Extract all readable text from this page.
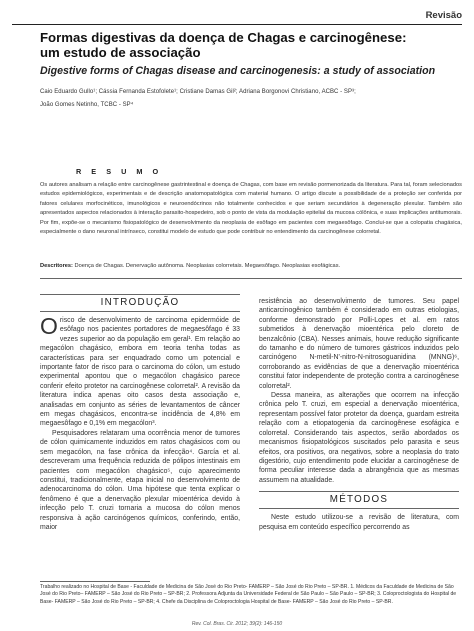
Revisão
Formas digestivas da doença de Chagas e carcinogênese:
um estudo de associação
Digestive forms of Chagas disease and carcinogenesis: a study of association
Caio Eduardo Gullo¹; Cássia Fernanda Estofolete¹; Cristiane Damas Gil²; Adriana Borgonovi Christiano, ACBC - SP³;
João Gomes Netinho, TCBC - SP⁴
R E S U M O

Os autores analisam a relação entre carcinogênese gastrintestinal e doença de Chagas, com base em revisão pormenorizada da literatura. Para tal, foram selecionados estudos epidemiológicos, experimentais e de descrição anatomopatológica com material humano. O artigo discute a possibilidade de a proteção ser conferida por fatores celulares morfocinéticos, imunológicos e neuroendócrinos não totalmente conhecidos e que seriam secundários à degeneração plexular. Também são apresentados aspectos relacionados à interação parasito-hospedeiro, sob o ponto de vista da modulação epitelial da mucosa cólônica, e suas implicações antitumorais. Por fim, expõe-se o mecanismo fisiopatológico de desenvolvimento da neoplasia de esôfago em pacientes com megaesôfago. Conclui-se que a colopatia chagásica, especialmente o dano neuronal intrínseco, constitui modelo de estudo que pode contribuir no entendimento da carcinogênese colorretal.

Descritores: Doença de Chagas. Denervação autônoma. Neoplasias colorretais. Megaesôfago. Neoplasias esofágicas.
INTRODUÇÃO

Orisco de desenvolvimento de carcinoma epidermóide de esôfago nos pacientes portadores de megaesôfago é 33 vezes superior ao da população em geral¹. Em relação ao megacólon chagásico, embora em teoria tenha todas as características para ser enquadrado como um potencial e importante fator de risco para o carcinoma do cólon, um estudo experimental apontou que o megacólon chagásico parece conferir efeito protetor na carcinogênese colorretal². A revisão da literatura indica apenas oito casos desta associação e, analisadas em conjunto as séries de levantamentos de câncer em megas chagásicos, encontra-se incidência de 4,8% em megaesôfago e 0,1% em megacólon³.

Pesquisadores relataram uma ocorrência menor de tumores de cólon quimicamente induzidos em ratos chagásicos com ou sem megacólon, na fase crônica da infecção⁴. García et al. descreveram uma frequência reduzida de pólipos intestinais em pacientes com megacólon chagásico⁵, cujo aparecimento constitui, tradicionalmente, etapa inicial no desenvolvimento de adenocarcinoma do cólon. Uma hipótese que tenta explicar o fenômeno é que a denervação plexular mioentérica devido à infecção pelo T. cruzi tornaria a mucosa do cólon menos responsiva à ação carcinógenos químicos, conferindo, então, maior

resistência ao desenvolvimento de tumores. Seu papel anticarcinogênico também é considerado em outras etiologias, conforme demonstrado por Polli-Lopes et al. em ratos submetidos à denervação mioentérica pelo cloreto de benzalcônio (CBA). Nesses animais, houve redução significante do tamanho e do número de tumores gástricos induzidos pelo carcinógeno N-metil-N'-nitro-N-nitrosoguanidina (MNNG)⁶, corroborando as evidências de que a denervação mioentérica constitui fator independente de proteção contra a carcinogênese colorretal².

Dessa maneira, as alterações que ocorrem na infecção crônica pelo T. cruzi, em especial a denervação mioentérica, representam possível fator protetor da doença, guardam estreita relação com a etiopatogenia da carcinogênese esofágica e colorretal. Considerando tais aspectos, serão abordados os mecanismos fisiopatológicos suscitados pelo parasita e seus efeitos, ora positivos, ora negativos, sobre a neoplasia do trato digestório, cujo entendimento pode elucidar a carcinogênese de forma peculiar interesse dada a abrangência que as mesmas assumem na atualidade.

MÉTODOS

Neste estudo utilizou-se a revisão de literatura, com pesquisa em conteúdo específico percorrendo as

Trabalho realizado no Hospital de Base - Faculdade de Medicina de São José do Rio Preto- FAMERP – São José do Rio Preto – SP-BR. 1. Médicos da Faculdade de Medicina de São José do Rio Preto– FAMERP – São José do Rio Preto – SP-BR; 2. Professora Adjunta da Universidade Federal de São Paulo – São Paulo – SP-BR; 3. Coloproctologista do Hospital de Base- FAMERP – São José do Rio Preto – SP-BR; 4. Chefe da Disciplina de Coloproctologia Hospital de Base- FAMERP – São José do Rio Preto – SP-BR.

Rev. Col. Bras. Cir. 2012; 39(2): 146-150
